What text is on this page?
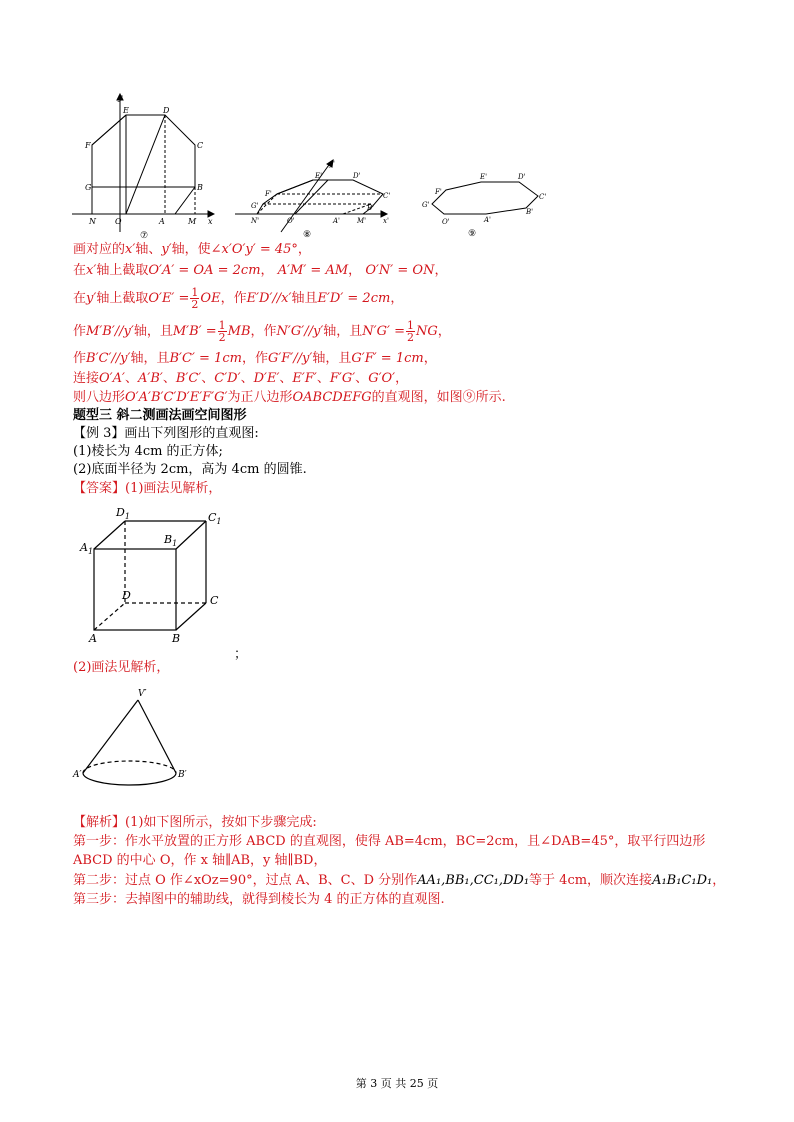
y
E	D
F	C
G	B
N O	A	M x
⑦
y'
E'	D'
F'	C'
G'	B'
N'	O'	A' M' x'
⑧
E'	D'
F'
C'
G'
B'
O'	A'
⑨
画对应的x′轴、y′轴，使∠x′O′y′ = 45°，
在x′轴上截取O′A′ = OA = 2cm， A′M′ = AM， O′N′ = ON，
在y′轴上截取$O'E' = \frac{1}{2}$ OE，作E′D′//x′轴且E′D′ = 2cm，
作M′B′//y′轴，且$M'B' = \frac{1}{2}$ MB，作N′G′//y′轴，且$N'G' = \frac{1}{2}$ NG，
作B′C′//y′轴，且B′C′ = 1cm，作G′F′//y′轴，且G′F′ = 1cm，
连接O′A′、A′B′、B′C′、C′D′、D′E′、E′F′、F′G′、G′O′，
则八边形O′A′B′C′D′E′F′G′为正八边形OABCDEFG的直观图，如图⑨所示.
题型三 斜二测画法画空间图形
【例 3】画出下列图形的直观图:
(1)棱长为 4cm 的正方体;
(2)底面半径为 2cm，高为 4cm 的圆锥.
【答案】(1)画法见解析，
$D_1$	$C_1$
$A_1$
$B_1$
D	C
A	B
；
(2)画法见解析，
V′
A′	B′
【解析】(1)如下图所示，按如下步骤完成:
第一步：作水平放置的正方形 ABCD 的直观图，使得 AB=4cm，BC=2cm，且∠DAB=45°，取平行四边形
ABCD 的中心 O，作 x 轴∥AB，y 轴∥BD，
第二步：过点 O 作∠xOz=90°，过点 A、B、C、D 分别作AA₁,BB₁,CC₁,DD₁等于 4cm，顺次连接A₁B₁C₁D₁，
第三步：去掉图中的辅助线，就得到棱长为 4 的正方体的直观图.
第 3 页 共 25 页
